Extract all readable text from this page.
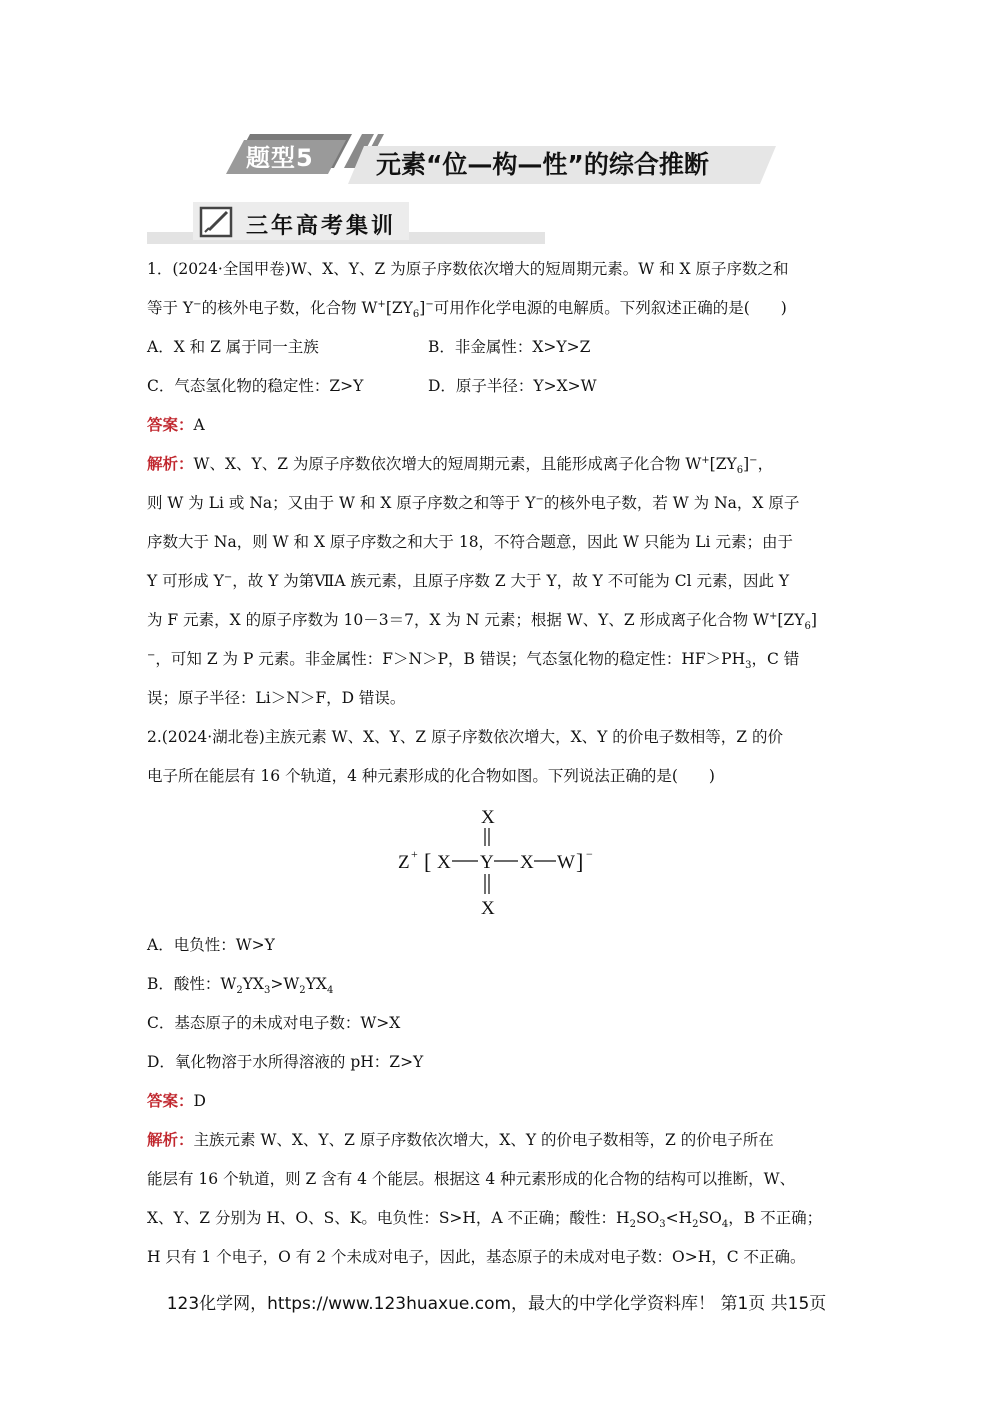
题型5	元素“位—构—性”的综合推断
三年高考集训
1．(2024·全国甲卷)W、X、Y、Z 为原子序数依次增大的短周期元素。W 和 X 原子序数之和
等于 Y−的核外电子数，化合物 $W^+[ZY_6]^-$可用作化学电源的电解质。下列叙述正确的是(　　)
A．X 和 Z 属于同一主族	B．非金属性：X>Y>Z
C．气态氢化物的稳定性：Z>Y	D．原子半径：Y>X>W
答案：A
解析：W、X、Y、Z 为原子序数依次增大的短周期元素，且能形成离子化合物 $W^+[ZY_6]^-$，
则 W 为 Li 或 Na；又由于 W 和 X 原子序数之和等于 Y−的核外电子数，若 W 为 Na，X 原子
序数大于 Na，则 W 和 X 原子序数之和大于 18，不符合题意，因此 W 只能为 Li 元素；由于
Y 可形成 Y−，故 Y 为第ⅦA 族元素，且原子序数 Z 大于 Y，故 Y 不可能为 Cl 元素，因此 Y
为 F 元素，X 的原子序数为 10－3＝7，X 为 N 元素；根据 W、Y、Z 形成离子化合物 $W^+[ZY_6]$
−，可知 Z 为 P 元素。非金属性：F＞N＞P，B 错误；气态氢化物的稳定性：$HF>PH_3$，C 错
误；原子半径：Li＞N＞F，D 错误。
2.(2024·湖北卷)主族元素 W、X、Y、Z 原子序数依次增大，X、Y 的价电子数相等，Z 的价
电子所在能层有 16 个轨道，4 种元素形成的化合物如图。下列说法正确的是(　　)
Z + [ X Y
X
X
X W ] −
A．电负性：W>Y
B．酸性：$W_2YX_3>W_2YX_4$
C．基态原子的未成对电子数：W>X
D．氧化物溶于水所得溶液的 pH：Z>Y
答案：D
解析：主族元素 W、X、Y、Z 原子序数依次增大，X、Y 的价电子数相等，Z 的价电子所在
能层有 16 个轨道，则 Z 含有 4 个能层。根据这 4 种元素形成的化合物的结构可以推断，W、
X、Y、Z 分别为 H、O、S、K。电负性：S>H，A 不正确；酸性：$H_2SO_3<H_2SO_4$，B 不正确；
H 只有 1 个电子，O 有 2 个未成对电子，因此，基态原子的未成对电子数：O>H，C 不正确。
123化学网，https://www.123huaxue.com，最大的中学化学资料库！ 第1页 共15页
